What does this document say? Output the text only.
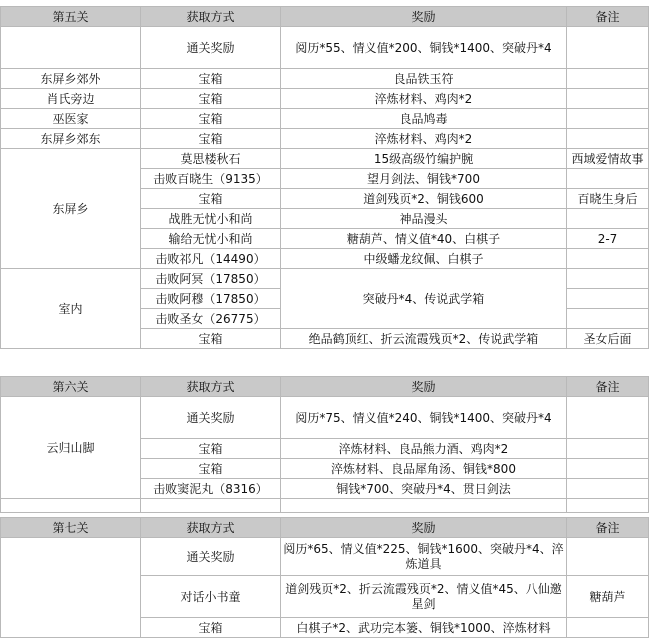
第五关	获取方式	奖励	备注
	通关奖励	阅历*55、情义值*200、铜钱*1400、突破丹*4	
东屏乡郊外	宝箱	良品铁玉符	
肖氏旁边	宝箱	淬炼材料、鸡肉*2	
巫医家	宝箱	良品鸠毒	
东屏乡郊东	宝箱	淬炼材料、鸡肉*2	
东屏乡	莫思楼秋石	15级高级竹编护腕	西域爱情故事
	击败百晓生（9135）	望月剑法、铜钱*700	
	宝箱	道剑残页*2、铜钱600	百晓生身后
	战胜无忧小和尚	神品漫头	
	输给无忧小和尚	糖葫芦、情义值*40、白棋子	2-7
	击败祁凡（14490）	中级蟠龙纹佩、白棋子	
室内	击败阿冥（17850）	突破丹*4、传说武学箱	
	击败阿穆（17850）		
	击败圣女（26775）		
	宝箱	绝品鹤顶红、折云流霞残页*2、传说武学箱	圣女后面
第六关	获取方式	奖励	备注
云归山脚	通关奖励	阅历*75、情义值*240、铜钱*1400、突破丹*4	
	宝箱	淬炼材料、良品熊力酒、鸡肉*2	
	宝箱	淬炼材料、良品犀角汤、铜钱*800	
	击败窦泥丸（8316）	铜钱*700、突破丹*4、贯日剑法	

第七关	获取方式	奖励	备注
	通关奖励	阅历*65、情义值*225、铜钱*1600、突破丹*4、淬炼道具	
	对话小书童	道剑残页*2、折云流霞残页*2、情义值*45、八仙邀星剑	糖葫芦
	宝箱	白棋子*2、武功完本篓、铜钱*1000、淬炼材料	
